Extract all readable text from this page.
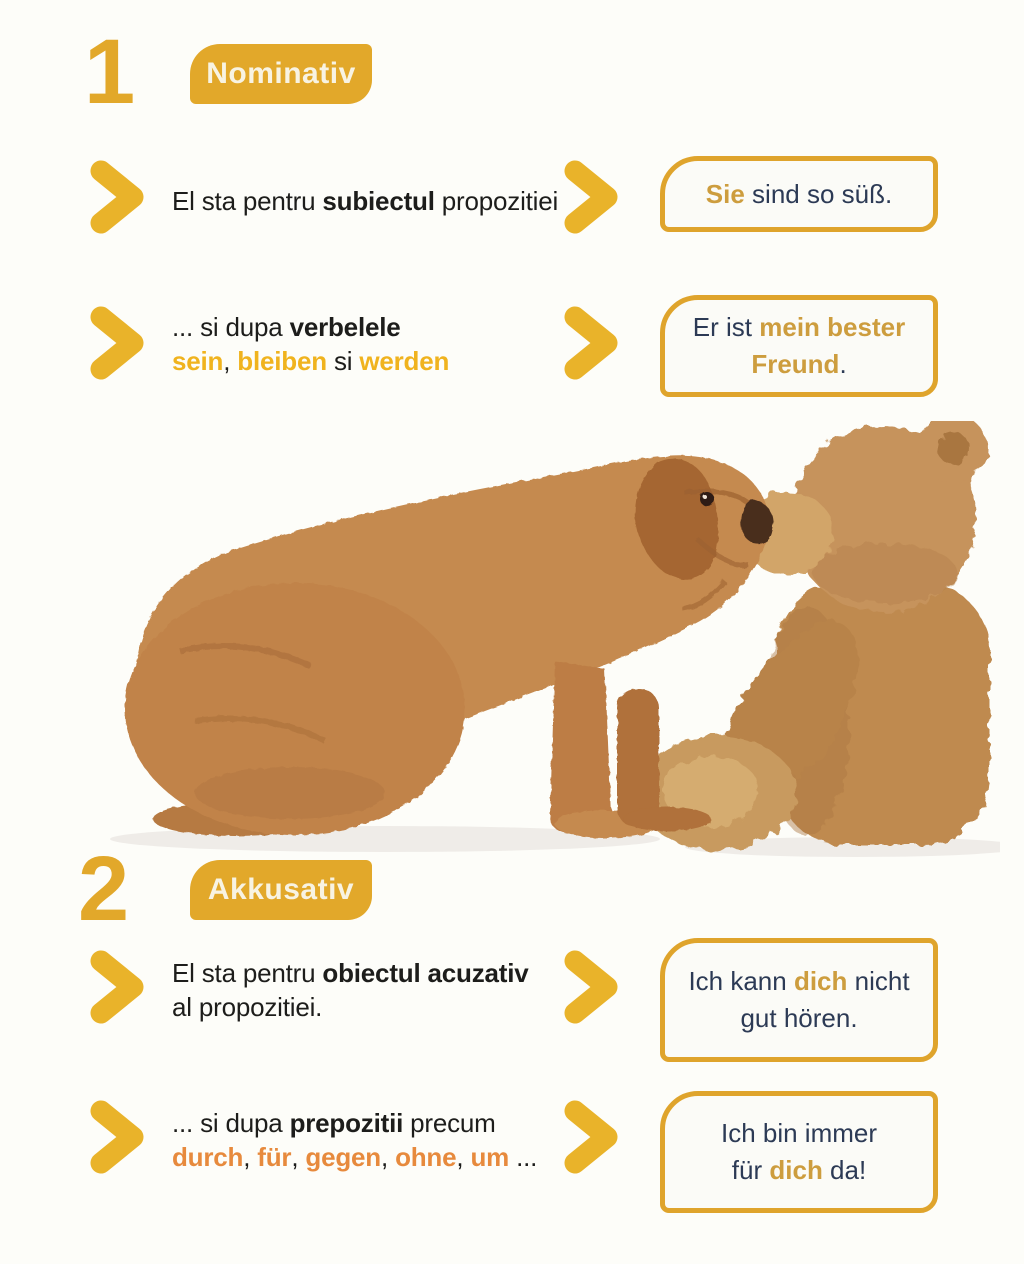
1 Nominativ
El sta pentru subiectul propozitiei	Sie sind so süß.
... si dupa verbelele
sein, bleiben si werden
Er ist mein bester
Freund.
2	Akkusativ
El sta pentru obiectul acuzativ
al propozitiei.
Ich kann dich nicht
gut hören.
... si dupa prepozitii precum
durch, für, gegen, ohne, um ...
Ich bin immer
für dich da!
